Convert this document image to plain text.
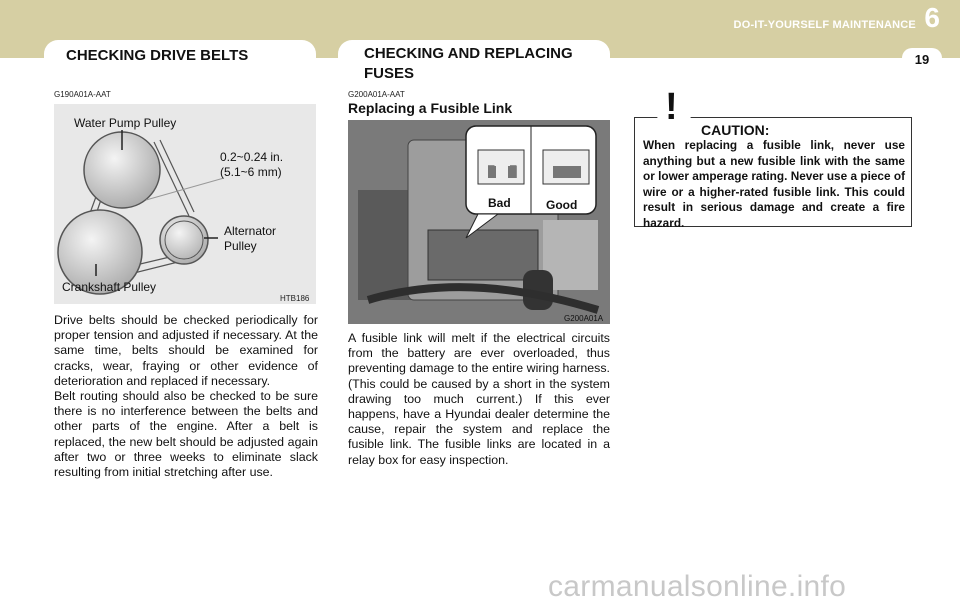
DO-IT-YOURSELF MAINTENANCE 6
19
CHECKING DRIVE BELTS	CHECKING AND REPLACING
FUSES
G190A01A-AAT	G200A01A-AAT
Replacing a Fusible Link
Water Pump Pulley
0.2~0.24 in.
(5.1~6 mm)
Alternator
Pulley
Crankshaft Pulley
HTB186
Drive belts should be checked periodically for proper tension and adjusted if necessary. At the same time, belts should be examined for cracks, wear, fraying or other evidence of deterioration and replaced if necessary.
Belt routing should also be checked to be sure there is no interference between the belts and other parts of the engine. After a belt is replaced, the new belt should be adjusted again after two or three weeks to eliminate slack resulting from initial stretching after use.
Bad	Good
G200A01A
A fusible link will melt if the electrical circuits from the battery are ever overloaded, thus preventing damage to the entire wiring harness. (This could be caused by a short in the system drawing too much current.) If this ever happens, have a Hyundai dealer determine the cause, repair the system and replace the fusible link. The fusible links are located in a relay box for easy inspection.
!
CAUTION:
When replacing a fusible link, never use anything but a new fusible link with the same or lower amperage rating. Never use a piece of wire or a higher-rated fusible link. This could result in serious damage and create a fire hazard.
carmanualsonline.info
